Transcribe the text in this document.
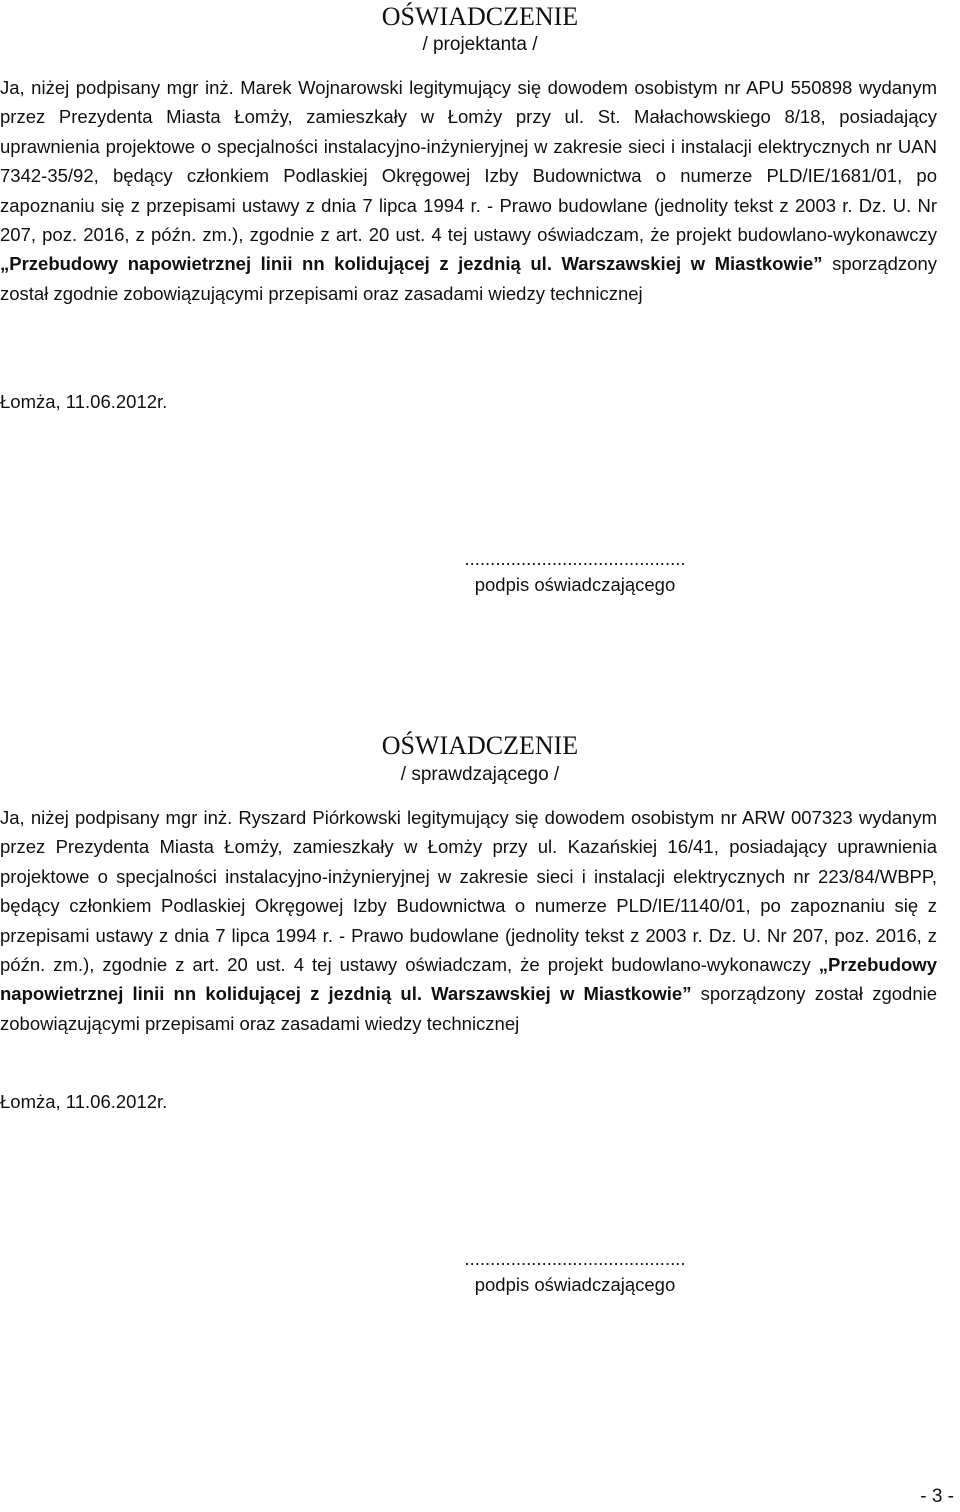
OŚWIADCZENIE
/ projektanta /

Ja, niżej podpisany mgr inż. Marek Wojnarowski legitymujący się dowodem osobistym nr APU 550898 wydanym przez Prezydenta Miasta Łomży, zamieszkały w Łomży przy ul. St. Małachowskiego 8/18, posiadający uprawnienia projektowe o specjalności instalacyjno-inżynieryjnej w zakresie sieci i instalacji elektrycznych nr UAN 7342-35/92, będący członkiem Podlaskiej Okręgowej Izby Budownictwa o numerze PLD/IE/1681/01, po zapoznaniu się z przepisami ustawy z dnia 7 lipca 1994 r. - Prawo budowlane (jednolity tekst z 2003 r. Dz. U. Nr 207, poz. 2016, z późn. zm.), zgodnie z art. 20 ust. 4 tej ustawy oświadczam, że projekt budowlano-wykonawczy „Przebudowy napowietrznej linii nn kolidującej z jezdnią ul. Warszawskiej w Miastkowie” sporządzony został zgodnie zobowiązującymi przepisami oraz zasadami wiedzy technicznej

Łomża, 11.06.2012r.
...........................................
podpis oświadczającego
OŚWIADCZENIE
/ sprawdzającego /

Ja, niżej podpisany mgr inż. Ryszard Piórkowski legitymujący się dowodem osobistym nr ARW 007323 wydanym przez Prezydenta Miasta Łomży, zamieszkały w Łomży przy ul. Kazańskiej 16/41, posiadający uprawnienia projektowe o specjalności instalacyjno-inżynieryjnej w zakresie sieci i instalacji elektrycznych nr 223/84/WBPP, będący członkiem Podlaskiej Okręgowej Izby Budownictwa o numerze PLD/IE/1140/01, po zapoznaniu się z przepisami ustawy z dnia 7 lipca 1994 r. - Prawo budowlane (jednolity tekst z 2003 r. Dz. U. Nr 207, poz. 2016, z późn. zm.), zgodnie z art. 20 ust. 4 tej ustawy oświadczam, że projekt budowlano-wykonawczy „Przebudowy napowietrznej linii nn kolidującej z jezdnią ul. Warszawskiej w Miastkowie” sporządzony został zgodnie zobowiązującymi przepisami oraz zasadami wiedzy technicznej

Łomża, 11.06.2012r.
...........................................
podpis oświadczającego
- 3 -
